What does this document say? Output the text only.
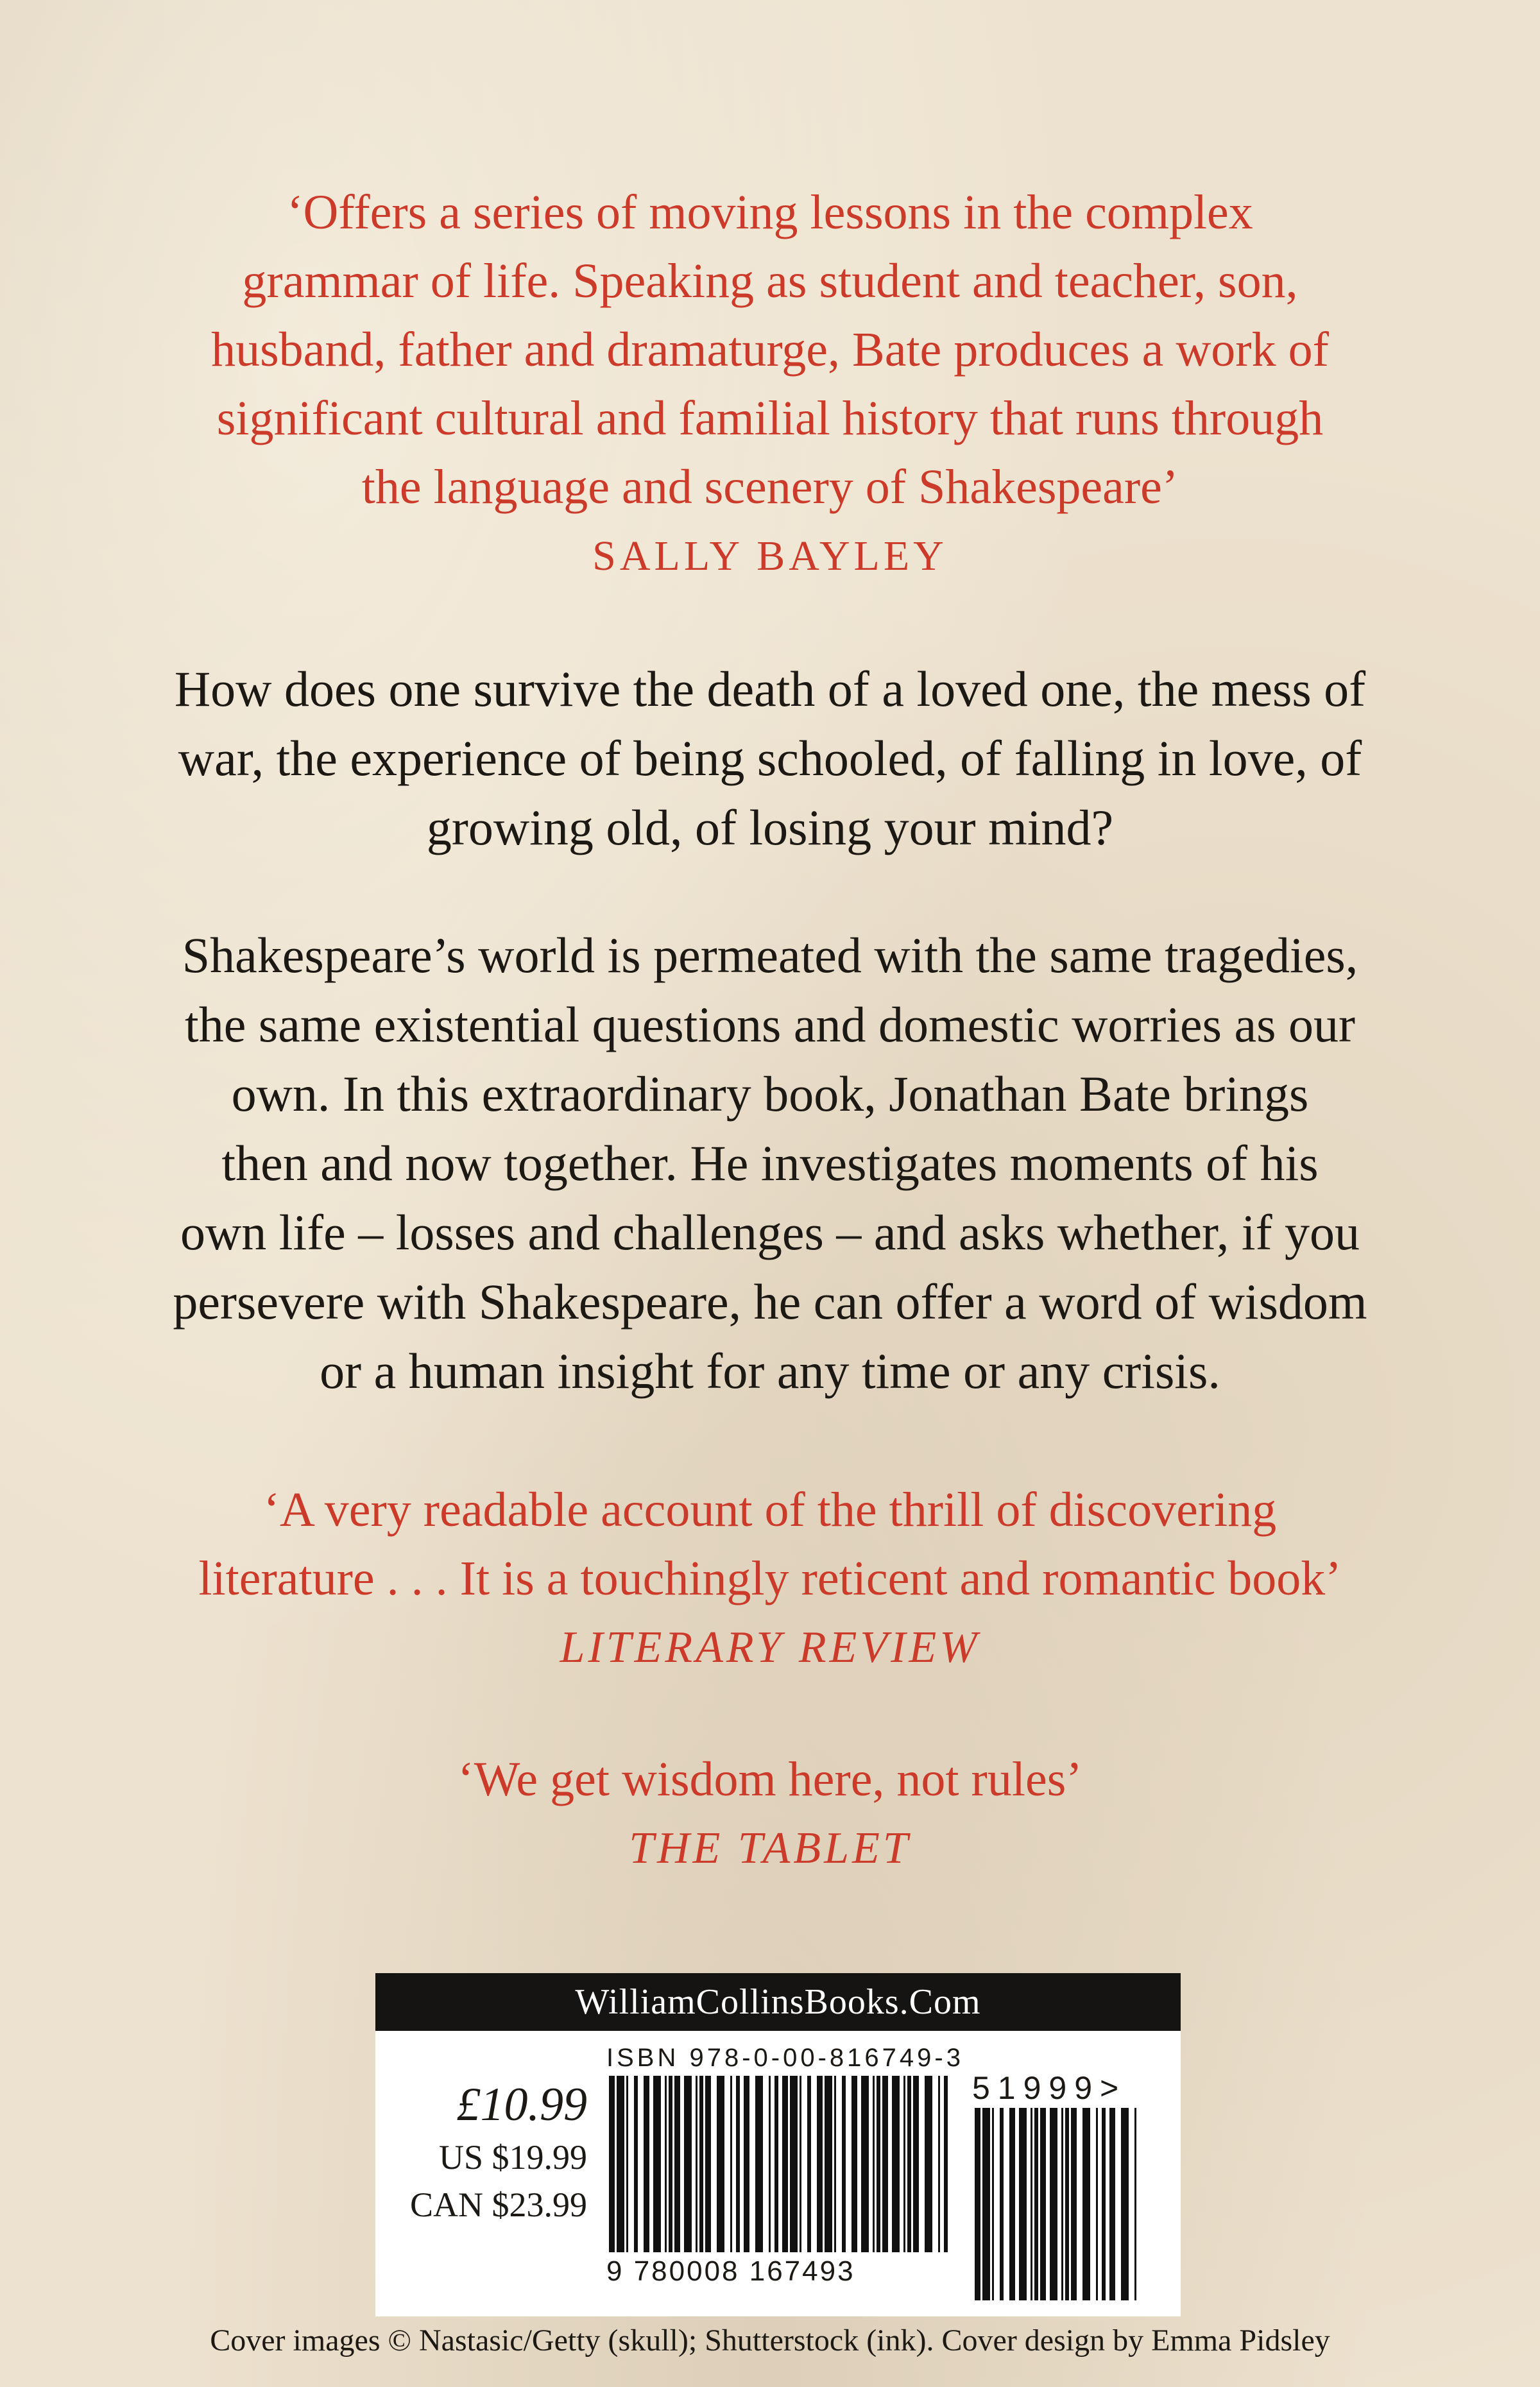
‘Offers a series of moving lessons in the complex
grammar of life. Speaking as student and teacher, son,
husband, father and dramaturge, Bate produces a work of
significant cultural and familial history that runs through
the language and scenery of Shakespeare’
SALLY BAYLEY
How does one survive the death of a loved one, the mess of
war, the experience of being schooled, of falling in love, of
growing old, of losing your mind?
Shakespeare’s world is permeated with the same tragedies,
the same existential questions and domestic worries as our
own. In this extraordinary book, Jonathan Bate brings
then and now together. He investigates moments of his
own life – losses and challenges – and asks whether, if you
persevere with Shakespeare, he can offer a word of wisdom
or a human insight for any time or any crisis.
‘A very readable account of the thrill of discovering
literature . . . It is a touchingly reticent and romantic book’
LITERARY REVIEW
‘We get wisdom here, not rules’
THE TABLET
WilliamCollinsBooks.Com
£10.99
US $19.99
CAN $23.99
ISBN 978-0-00-816749-3
51999>
9 780008 167493
Cover images © Nastasic/Getty (skull); Shutterstock (ink). Cover design by Emma Pidsley
